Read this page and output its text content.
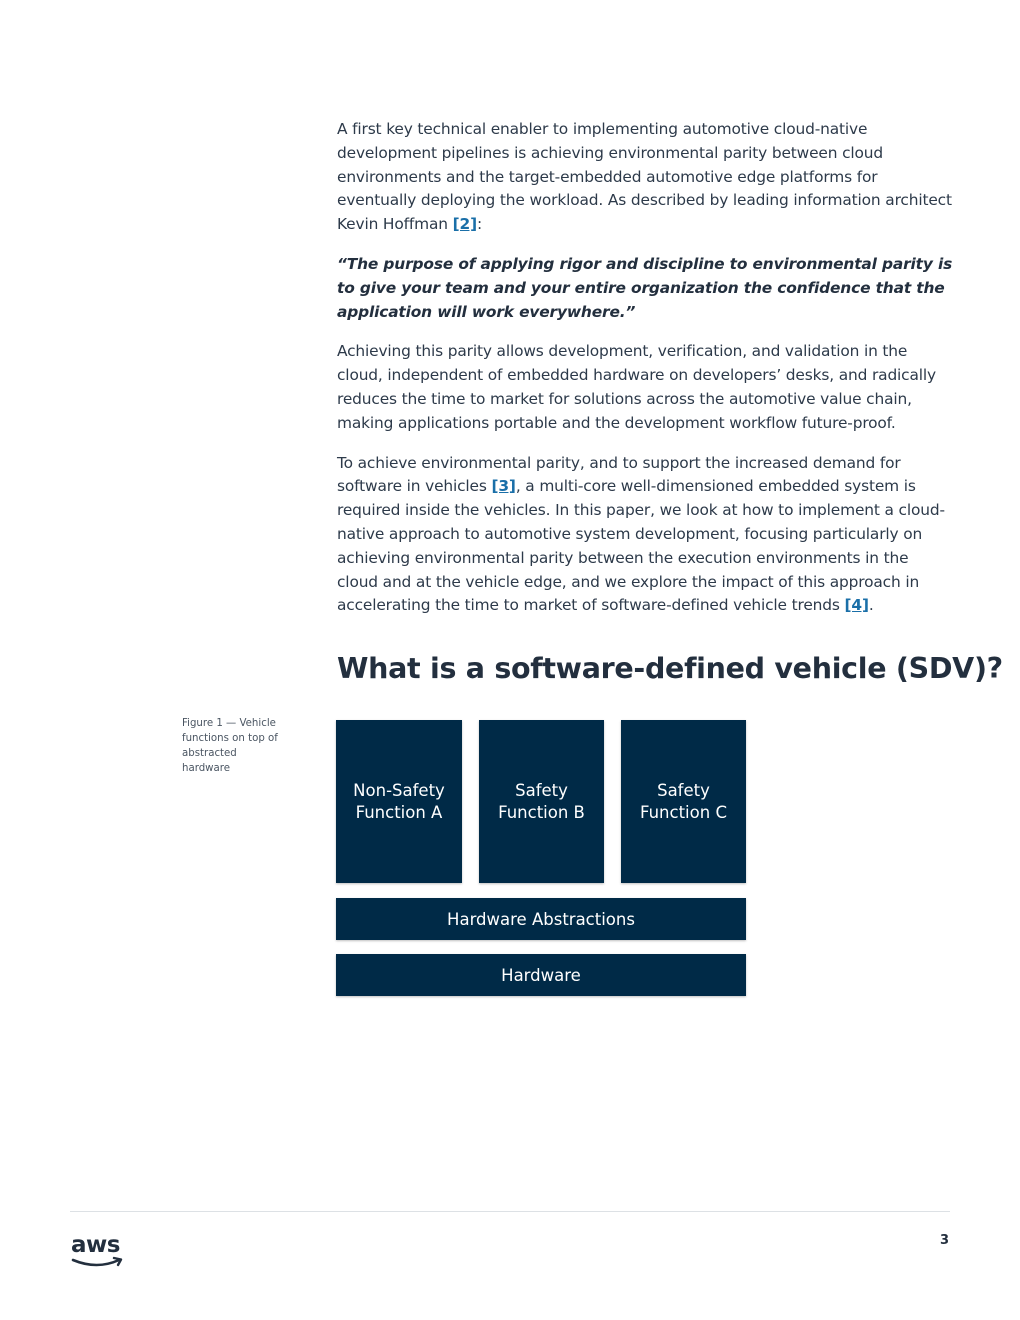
A first key technical enabler to implementing automotive cloud-native development pipelines is achieving environmental parity between cloud environments and the target-embedded automotive edge platforms for eventually deploying the workload. As described by leading information architect Kevin Hoffman [2]:

“The purpose of applying rigor and discipline to environmental parity is to give your team and your entire organization the confidence that the application will work everywhere.”

Achieving this parity allows development, verification, and validation in the cloud, independent of embedded hardware on developers’ desks, and radically reduces the time to market for solutions across the automotive value chain, making applications portable and the development workflow future-proof.

To achieve environmental parity, and to support the increased demand for software in vehicles [3], a multi-core well-dimensioned embedded system is required inside the vehicles. In this paper, we look at how to implement a cloud-native approach to automotive system development, focusing particularly on achieving environmental parity between the execution environments in the cloud and at the vehicle edge, and we explore the impact of this approach in accelerating the time to market of software-defined vehicle trends [4].

What is a software-defined vehicle (SDV)?
Figure 1 — Vehicle functions on top of abstracted hardware
Non-Safety
Function A
Safety
Function B
Safety
Function C
Hardware Abstractions
Hardware
aws	3
